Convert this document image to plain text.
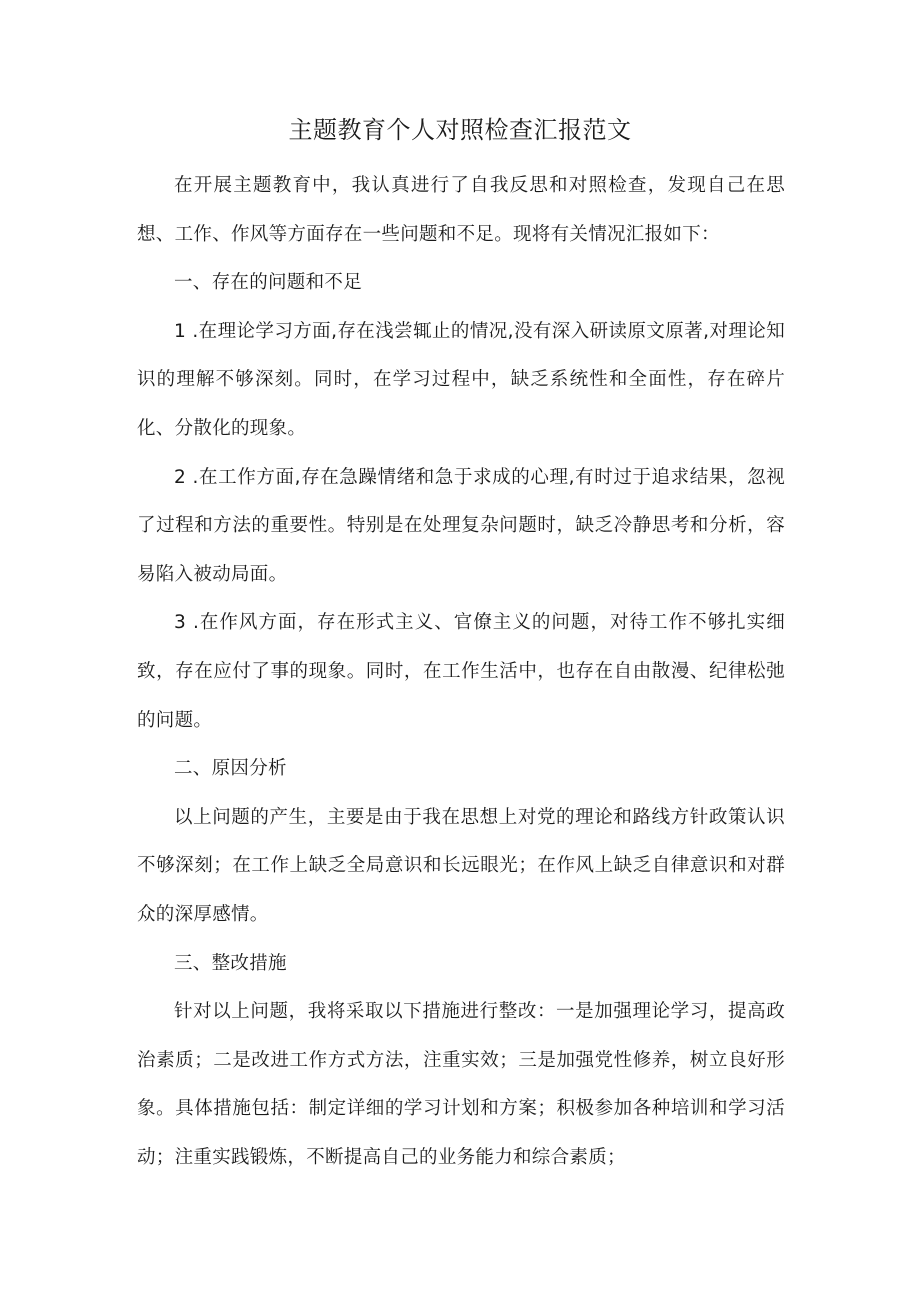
主题教育个人对照检查汇报范文

在开展主题教育中，我认真进行了自我反思和对照检查，发现自己在思想、工作、作风等方面存在一些问题和不足。现将有关情况汇报如下：

一、存在的问题和不足

1 .在理论学习方面,存在浅尝辄止的情况,没有深入研读原文原著,对理论知识的理解不够深刻。同时，在学习过程中，缺乏系统性和全面性，存在碎片化、分散化的现象。

2 .在工作方面,存在急躁情绪和急于求成的心理,有时过于追求结果，忽视了过程和方法的重要性。特别是在处理复杂问题时，缺乏冷静思考和分析，容易陷入被动局面。

3 .在作风方面，存在形式主义、官僚主义的问题，对待工作不够扎实细致，存在应付了事的现象。同时，在工作生活中，也存在自由散漫、纪律松弛的问题。

二、原因分析

以上问题的产生，主要是由于我在思想上对党的理论和路线方针政策认识不够深刻；在工作上缺乏全局意识和长远眼光；在作风上缺乏自律意识和对群众的深厚感情。

三、整改措施

针对以上问题，我将采取以下措施进行整改：一是加强理论学习，提高政治素质；二是改进工作方式方法，注重实效；三是加强党性修养，树立良好形象。具体措施包括：制定详细的学习计划和方案；积极参加各种培训和学习活动；注重实践锻炼，不断提高自己的业务能力和综合素质；
